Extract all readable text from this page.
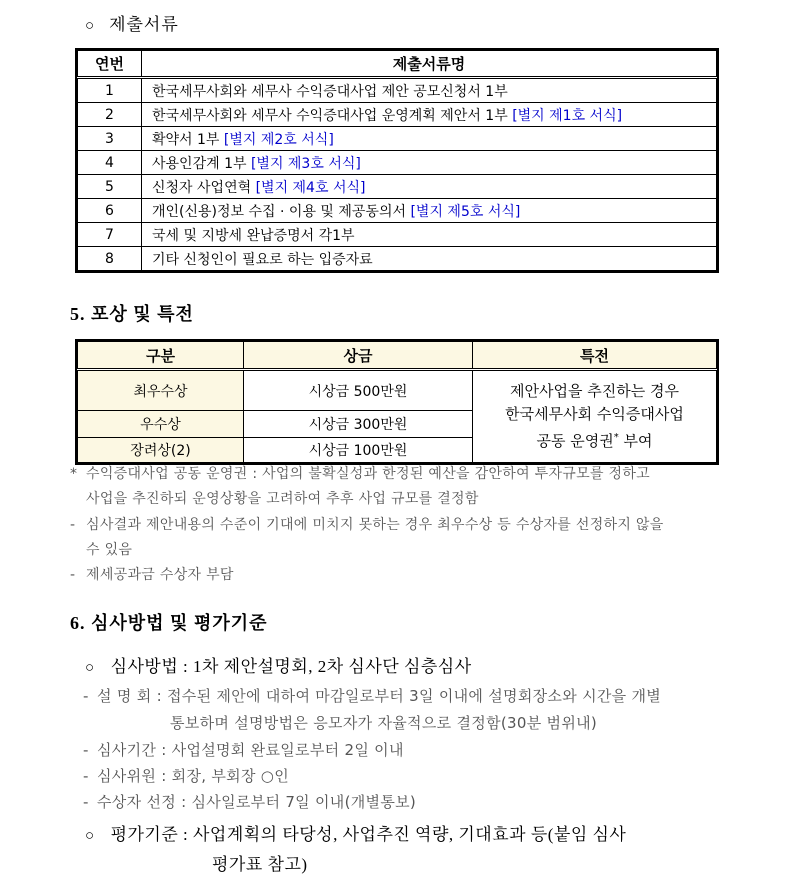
○ 제출서류
연번	제출서류명
1	한국세무사회와 세무사 수익증대사업 제안 공모신청서 1부
2	한국세무사회와 세무사 수익증대사업 운영계획 제안서 1부 [별지 제1호 서식]
3	확약서 1부 [별지 제2호 서식]
4	사용인감계 1부 [별지 제3호 서식]
5	신청자 사업연혁 [별지 제4호 서식]
6	개인(신용)정보 수집 · 이용 및 제공동의서 [별지 제5호 서식]
7	국세 및 지방세 완납증명서 각1부
8	기타 신청인이 필요로 하는 입증자료
5. 포상 및 특전
구분	상금	특전
최우수상	시상금 500만원	제안사업을 추진하는 경우
한국세무사회 수익증대사업
공동 운영권* 부여

우수상	시상금 300만원	
장려상(2)	시상금 100만원	
* 수익증대사업 공동 운영권 : 사업의 불확실성과 한정된 예산을 감안하여 투자규모를 정하고
사업을 추진하되 운영상황을 고려하여 추후 사업 규모를 결정함
- 심사결과 제안내용의 수준이 기대에 미치지 못하는 경우 최우수상 등 수상자를 선정하지 않을
수 있음
- 제세공과금 수상자 부담
6. 심사방법 및 평가기준
○ 심사방법 : 1차 제안설명회, 2차 심사단 심층심사
- 설 명 회 : 접수된 제안에 대하여 마감일로부터 3일 이내에 설명회장소와 시간을 개별
통보하며 설명방법은 응모자가 자율적으로 결정함(30분 범위내)
- 심사기간 : 사업설명회 완료일로부터 2일 이내
- 심사위원 : 회장, 부회장 ○인
- 수상자 선정 : 심사일로부터 7일 이내(개별통보)
○ 평가기준 : 사업계획의 타당성, 사업추진 역량, 기대효과 등(붙임 심사
평가표 참고)
